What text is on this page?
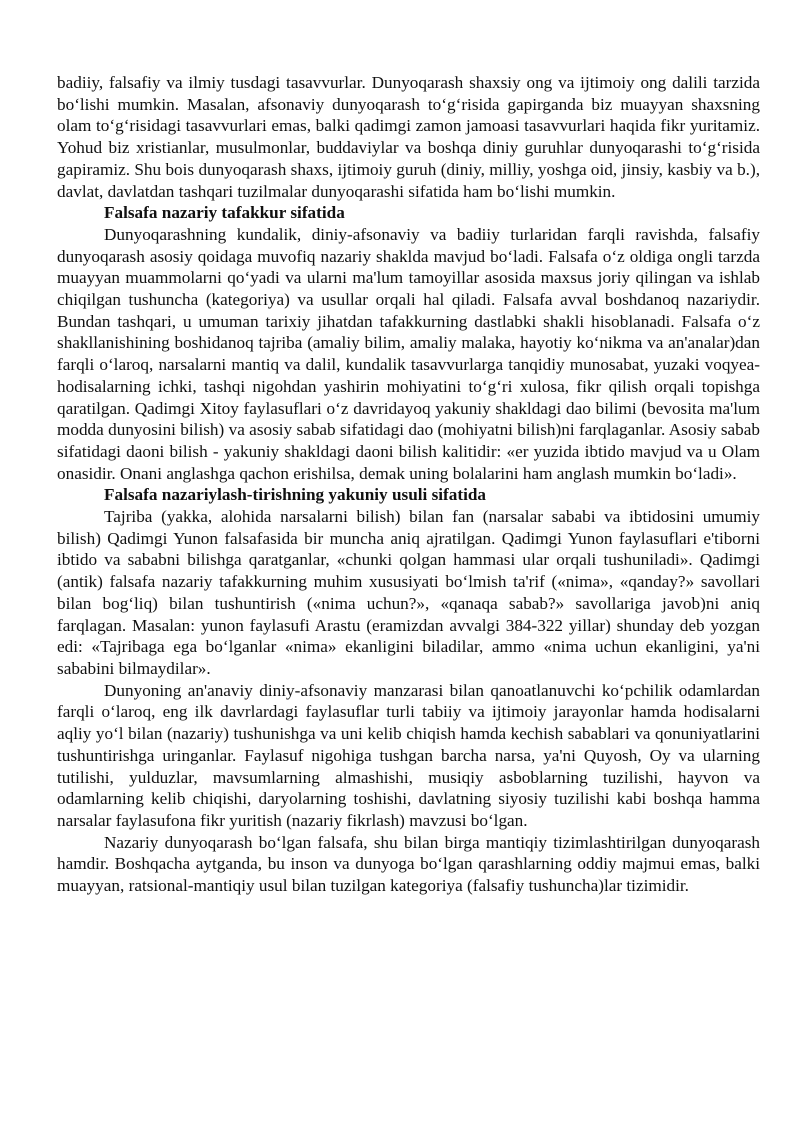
badiiy, falsafiy va ilmiy tusdagi tasavvurlar. Dunyoqarash shaxsiy ong va ijtimoiy ong dalili tarzida bo‘lishi mumkin. Masalan, afsonaviy dunyoqarash to‘g‘risida gapirganda biz muayyan shaxsning olam to‘g‘risidagi tasavvurlari emas, balki qadimgi zamon jamoasi tasavvurlari haqida fikr yuritamiz. Yohud biz xristianlar, musulmonlar, buddaviylar va boshqa diniy guruhlar dunyoqarashi to‘g‘risida gapiramiz. Shu bois dunyoqarash shaxs, ijtimoiy guruh (diniy, milliy, yoshga oid, jinsiy, kasbiy va b.), davlat, davlatdan tashqari tuzilmalar dunyoqarashi sifatida ham bo‘lishi mumkin.

Falsafa nazariy tafakkur sifatida

Dunyoqarashning kundalik, diniy-afsonaviy va badiiy turlaridan farqli ravishda, falsafiy dunyoqarash asosiy qoidaga muvofiq nazariy shaklda mavjud bo‘ladi. Falsafa o‘z oldiga ongli tarzda muayyan muammolarni qo‘yadi va ularni ma'lum tamoyillar asosida maxsus joriy qilingan va ishlab chiqilgan tushuncha (kategoriya) va usullar orqali hal qiladi. Falsafa avval boshdanoq nazariydir. Bundan tashqari, u umuman tarixiy jihatdan tafakkurning dastlabki shakli hisoblanadi. Falsafa o‘z shakllanishining boshidanoq tajriba (amaliy bilim, amaliy malaka, hayotiy ko‘nikma va an'analar)dan farqli o‘laroq, narsalarni mantiq va dalil, kundalik tasavvurlarga tanqidiy munosabat, yuzaki voqyea-hodisalarning ichki, tashqi nigohdan yashirin mohiyatini to‘g‘ri xulosa, fikr qilish orqali topishga qaratilgan. Qadimgi Xitoy faylasuflari o‘z davridayoq yakuniy shakldagi dao bilimi (bevosita ma'lum modda dunyosini bilish) va asosiy sabab sifatidagi dao (mohiyatni bilish)ni farqlaganlar. Asosiy sabab sifatidagi daoni bilish - yakuniy shakldagi daoni bilish kalitidir: «er yuzida ibtido mavjud va u Olam onasidir. Onani anglashga qachon erishilsa, demak uning bolalarini ham anglash mumkin bo‘ladi».

Falsafa nazariylash-tirishning yakuniy usuli sifatida

Tajriba (yakka, alohida narsalarni bilish) bilan fan (narsalar sababi va ibtidosini umumiy bilish) Qadimgi Yunon falsafasida bir muncha aniq ajratilgan. Qadimgi Yunon faylasuflari e'tiborni ibtido va sababni bilishga qaratganlar, «chunki qolgan hammasi ular orqali tushuniladi». Qadimgi (antik) falsafa nazariy tafakkurning muhim xususiyati bo‘lmish ta'rif («nima», «qanday?» savollari bilan bog‘liq) bilan tushuntirish («nima uchun?», «qanaqa sabab?» savollariga javob)ni aniq farqlagan. Masalan: yunon faylasufi Arastu (eramizdan avvalgi 384-322 yillar) shunday deb yozgan edi: «Tajribaga ega bo‘lganlar «nima» ekanligini biladilar, ammo «nima uchun ekanligini, ya'ni sababini bilmaydilar».

Dunyoning an'anaviy diniy-afsonaviy manzarasi bilan qanoatlanuvchi ko‘pchilik odamlardan farqli o‘laroq, eng ilk davrlardagi faylasuflar turli tabiiy va ijtimoiy jarayonlar hamda hodisalarni aqliy yo‘l bilan (nazariy) tushunishga va uni kelib chiqish hamda kechish sabablari va qonuniyatlarini tushuntirishga uringanlar. Faylasuf nigohiga tushgan barcha narsa, ya'ni Quyosh, Oy va ularning tutilishi, yulduzlar, mavsumlarning almashishi, musiqiy asboblarning tuzilishi, hayvon va odamlarning kelib chiqishi, daryolarning toshishi, davlatning siyosiy tuzilishi kabi boshqa hamma narsalar faylasufona fikr yuritish (nazariy fikrlash) mavzusi bo‘lgan.

Nazariy dunyoqarash bo‘lgan falsafa, shu bilan birga mantiqiy tizimlashtirilgan dunyoqarash hamdir. Boshqacha aytganda, bu inson va dunyoga bo‘lgan qarashlarning oddiy majmui emas, balki muayyan, ratsional-mantiqiy usul bilan tuzilgan kategoriya (falsafiy tushuncha)lar tizimidir.
